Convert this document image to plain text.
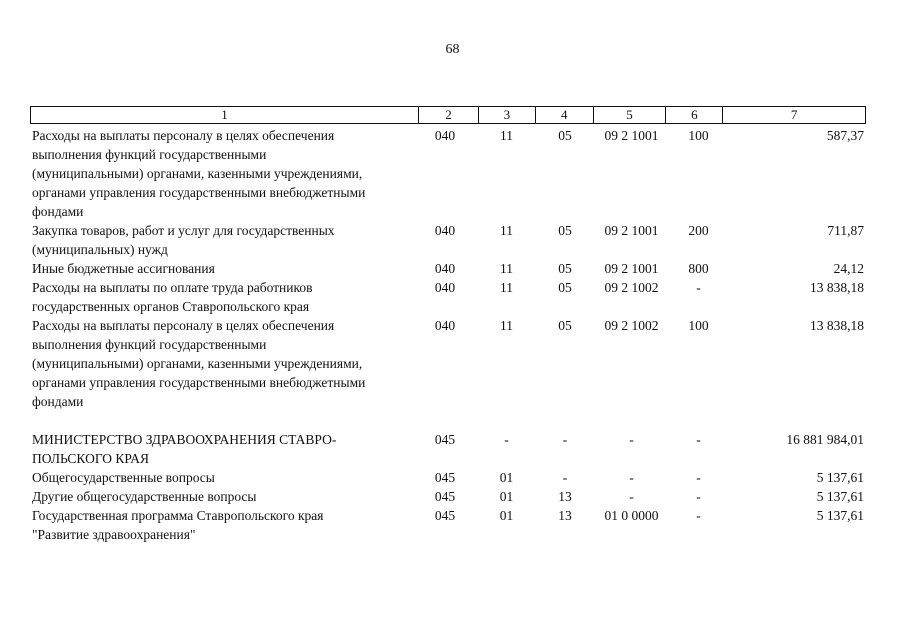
68
1	2	3	4	5	6	7
Расходы на выплаты персоналу в целях обеспечения
выполнения функций государственными
(муниципальными) органами, казенными учреждениями,
органами управления государственными внебюджетными
фондами
040	11	05	09 2 1001	100	587,37
Закупка товаров, работ и услуг для государственных
(муниципальных) нужд
040	11	05	09 2 1001	200	711,87
Иные бюджетные ассигнования	040	11	05	09 2 1001	800	24,12
Расходы на выплаты по оплате труда работников
государственных органов Ставропольского края
040	11	05	09 2 1002	-	13 838,18
Расходы на выплаты персоналу в целях обеспечения
выполнения функций государственными
(муниципальными) органами, казенными учреждениями,
органами управления государственными внебюджетными
фондами
040	11	05	09 2 1002	100	13 838,18
МИНИСТЕРСТВО ЗДРАВООХРАНЕНИЯ СТАВРО-
ПОЛЬСКОГО КРАЯ
045	-	-	-	-	16 881 984,01
Общегосударственные вопросы	045	01	-	-	-	5 137,61
Другие общегосударственные вопросы	045	01	13	-	-	5 137,61
Государственная программа Ставропольского края
"Развитие здравоохранения"
045	01	13	01 0 0000	-	5 137,61
